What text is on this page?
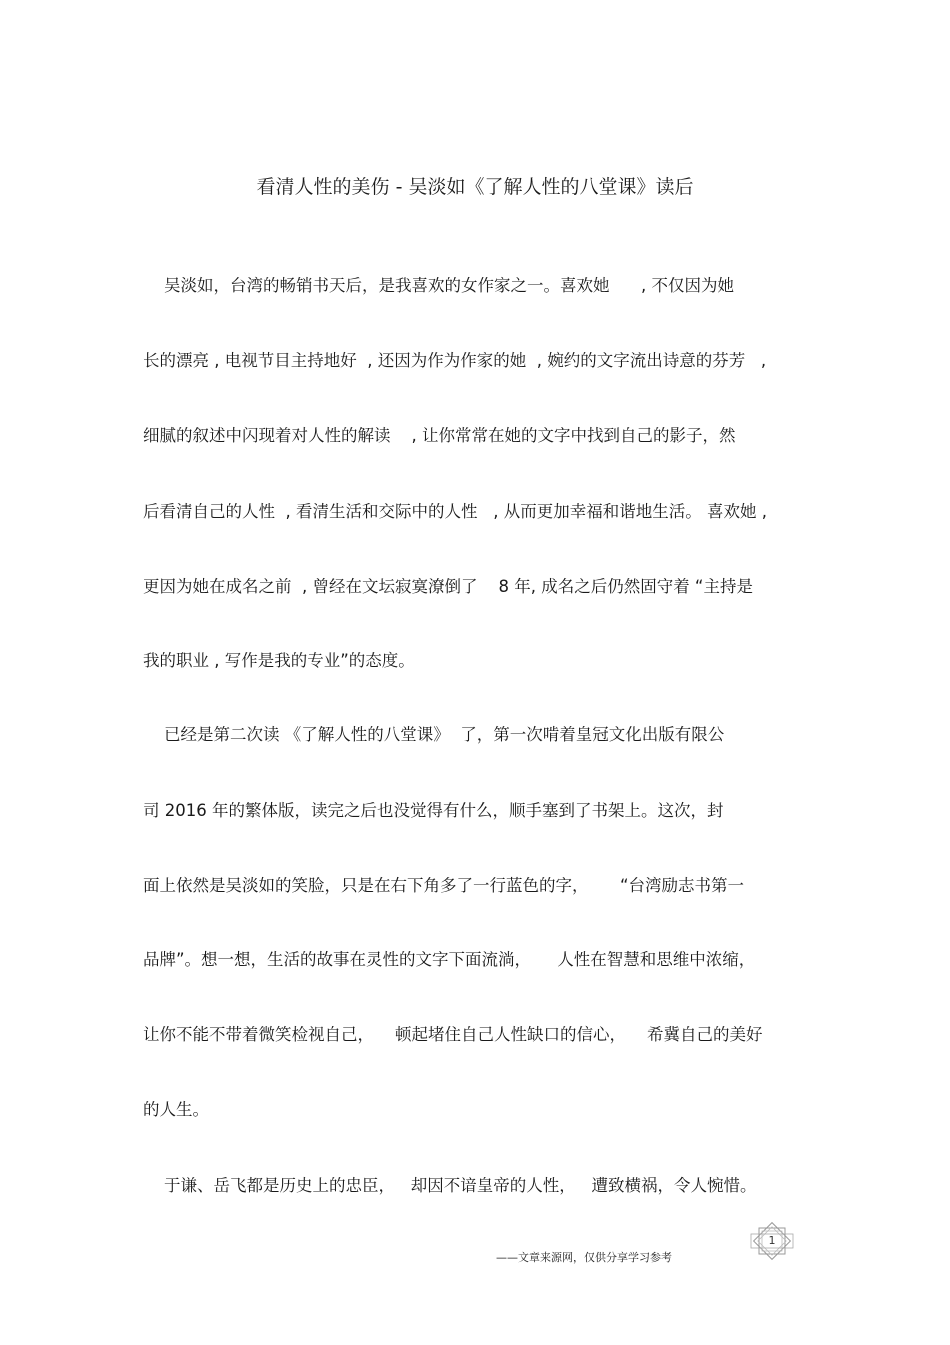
看清人性的美伤 - 吴淡如《了解人性的八堂课》读后
吴淡如，台湾的畅销书天后，是我喜欢的女作家之一。喜欢她      , 不仅因为她
长的漂亮 , 电视节目主持地好  , 还因为作为作家的她  , 婉约的文字流出诗意的芬芳   ,
细腻的叙述中闪现着对人性的解读    , 让你常常在她的文字中找到自己的影子，然
后看清自己的人性  , 看清生活和交际中的人性   , 从而更加幸福和谐地生活。 喜欢她 ,
更因为她在成名之前  , 曾经在文坛寂寞潦倒了    8 年, 成名之后仍然固守着 “主持是
我的职业 , 写作是我的专业”的态度。
已经是第二次读 《了解人性的八堂课》  了，第一次啃着皇冠文化出版有限公
司 2016 年的繁体版，读完之后也没觉得有什么，顺手塞到了书架上。这次，封
面上依然是吴淡如的笑脸，只是在右下角多了一行蓝色的字，      “台湾励志书第一
品牌”。想一想，生活的故事在灵性的文字下面流淌，     人性在智慧和思维中浓缩，
让你不能不带着微笑检视自己，    顿起堵住自己人性缺口的信心，    希冀自己的美好
的人生。
于谦、岳飞都是历史上的忠臣，   却因不谙皇帝的人性，   遭致横祸，令人惋惜。
——文章来源网，仅供分享学习参考
1
